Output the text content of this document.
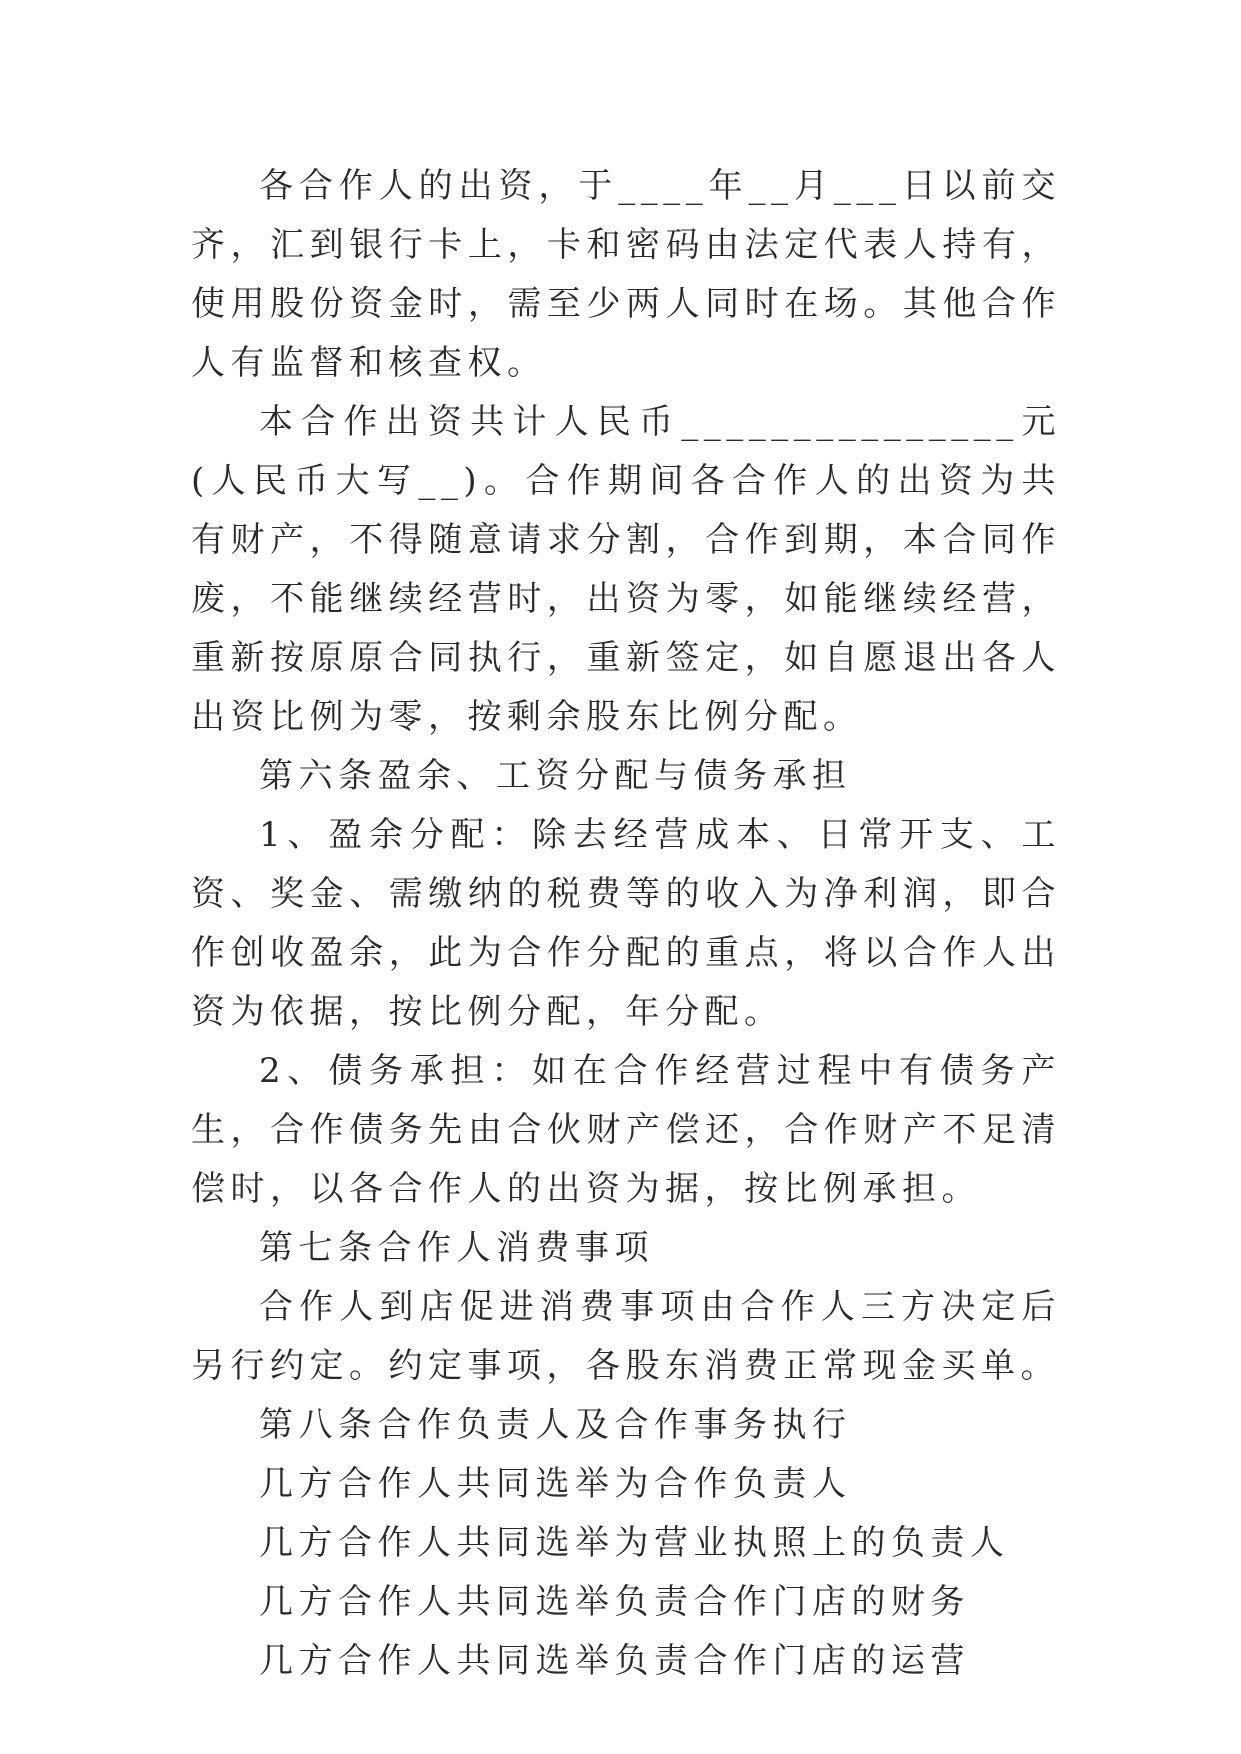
各合作人的出资，于____年__月___日以前交齐，汇到银行卡上，卡和密码由法定代表人持有，使用股份资金时，需至少两人同时在场。其他合作人有监督和核查权。

本合作出资共计人民币_______________元(人民币大写__)。合作期间各合作人的出资为共有财产，不得随意请求分割，合作到期，本合同作废，不能继续经营时，出资为零，如能继续经营，重新按原原合同执行，重新签定，如自愿退出各人出资比例为零，按剩余股东比例分配。

第六条盈余、工资分配与债务承担

1、盈余分配：除去经营成本、日常开支、工资、奖金、需缴纳的税费等的收入为净利润，即合作创收盈余，此为合作分配的重点，将以合作人出资为依据，按比例分配，年分配。

2、债务承担：如在合作经营过程中有债务产生，合作债务先由合伙财产偿还，合作财产不足清偿时，以各合作人的出资为据，按比例承担。

第七条合作人消费事项

合作人到店促进消费事项由合作人三方决定后另行约定。约定事项，各股东消费正常现金买单。

第八条合作负责人及合作事务执行

几方合作人共同选举为合作负责人

几方合作人共同选举为营业执照上的负责人

几方合作人共同选举负责合作门店的财务

几方合作人共同选举负责合作门店的运营
